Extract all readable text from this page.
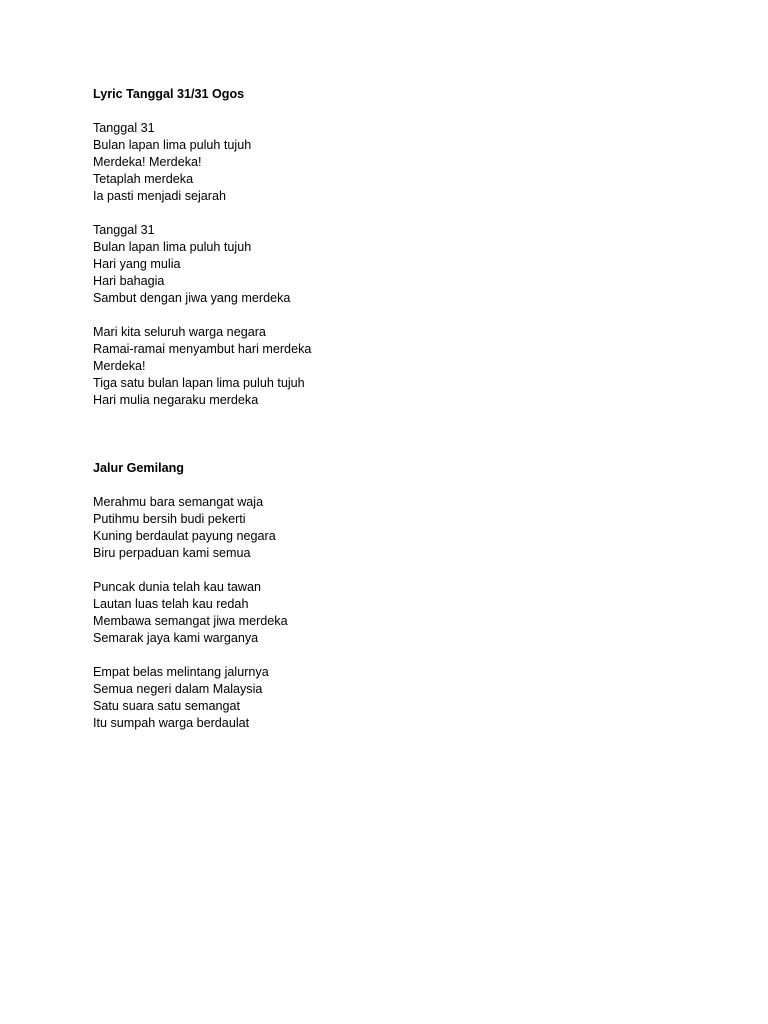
Lyric Tanggal 31/31 Ogos

Tanggal 31
Bulan lapan lima puluh tujuh
Merdeka! Merdeka!
Tetaplah merdeka
Ia pasti menjadi sejarah
Tanggal 31
Bulan lapan lima puluh tujuh
Hari yang mulia
Hari bahagia
Sambut dengan jiwa yang merdeka
Mari kita seluruh warga negara
Ramai-ramai menyambut hari merdeka
Merdeka!
Tiga satu bulan lapan lima puluh tujuh
Hari mulia negaraku merdeka

Jalur Gemilang

Merahmu bara semangat waja
Putihmu bersih budi pekerti
Kuning berdaulat payung negara
Biru perpaduan kami semua
Puncak dunia telah kau tawan
Lautan luas telah kau redah
Membawa semangat jiwa merdeka
Semarak jaya kami warganya
Empat belas melintang jalurnya
Semua negeri dalam Malaysia
Satu suara satu semangat
Itu sumpah warga berdaulat
